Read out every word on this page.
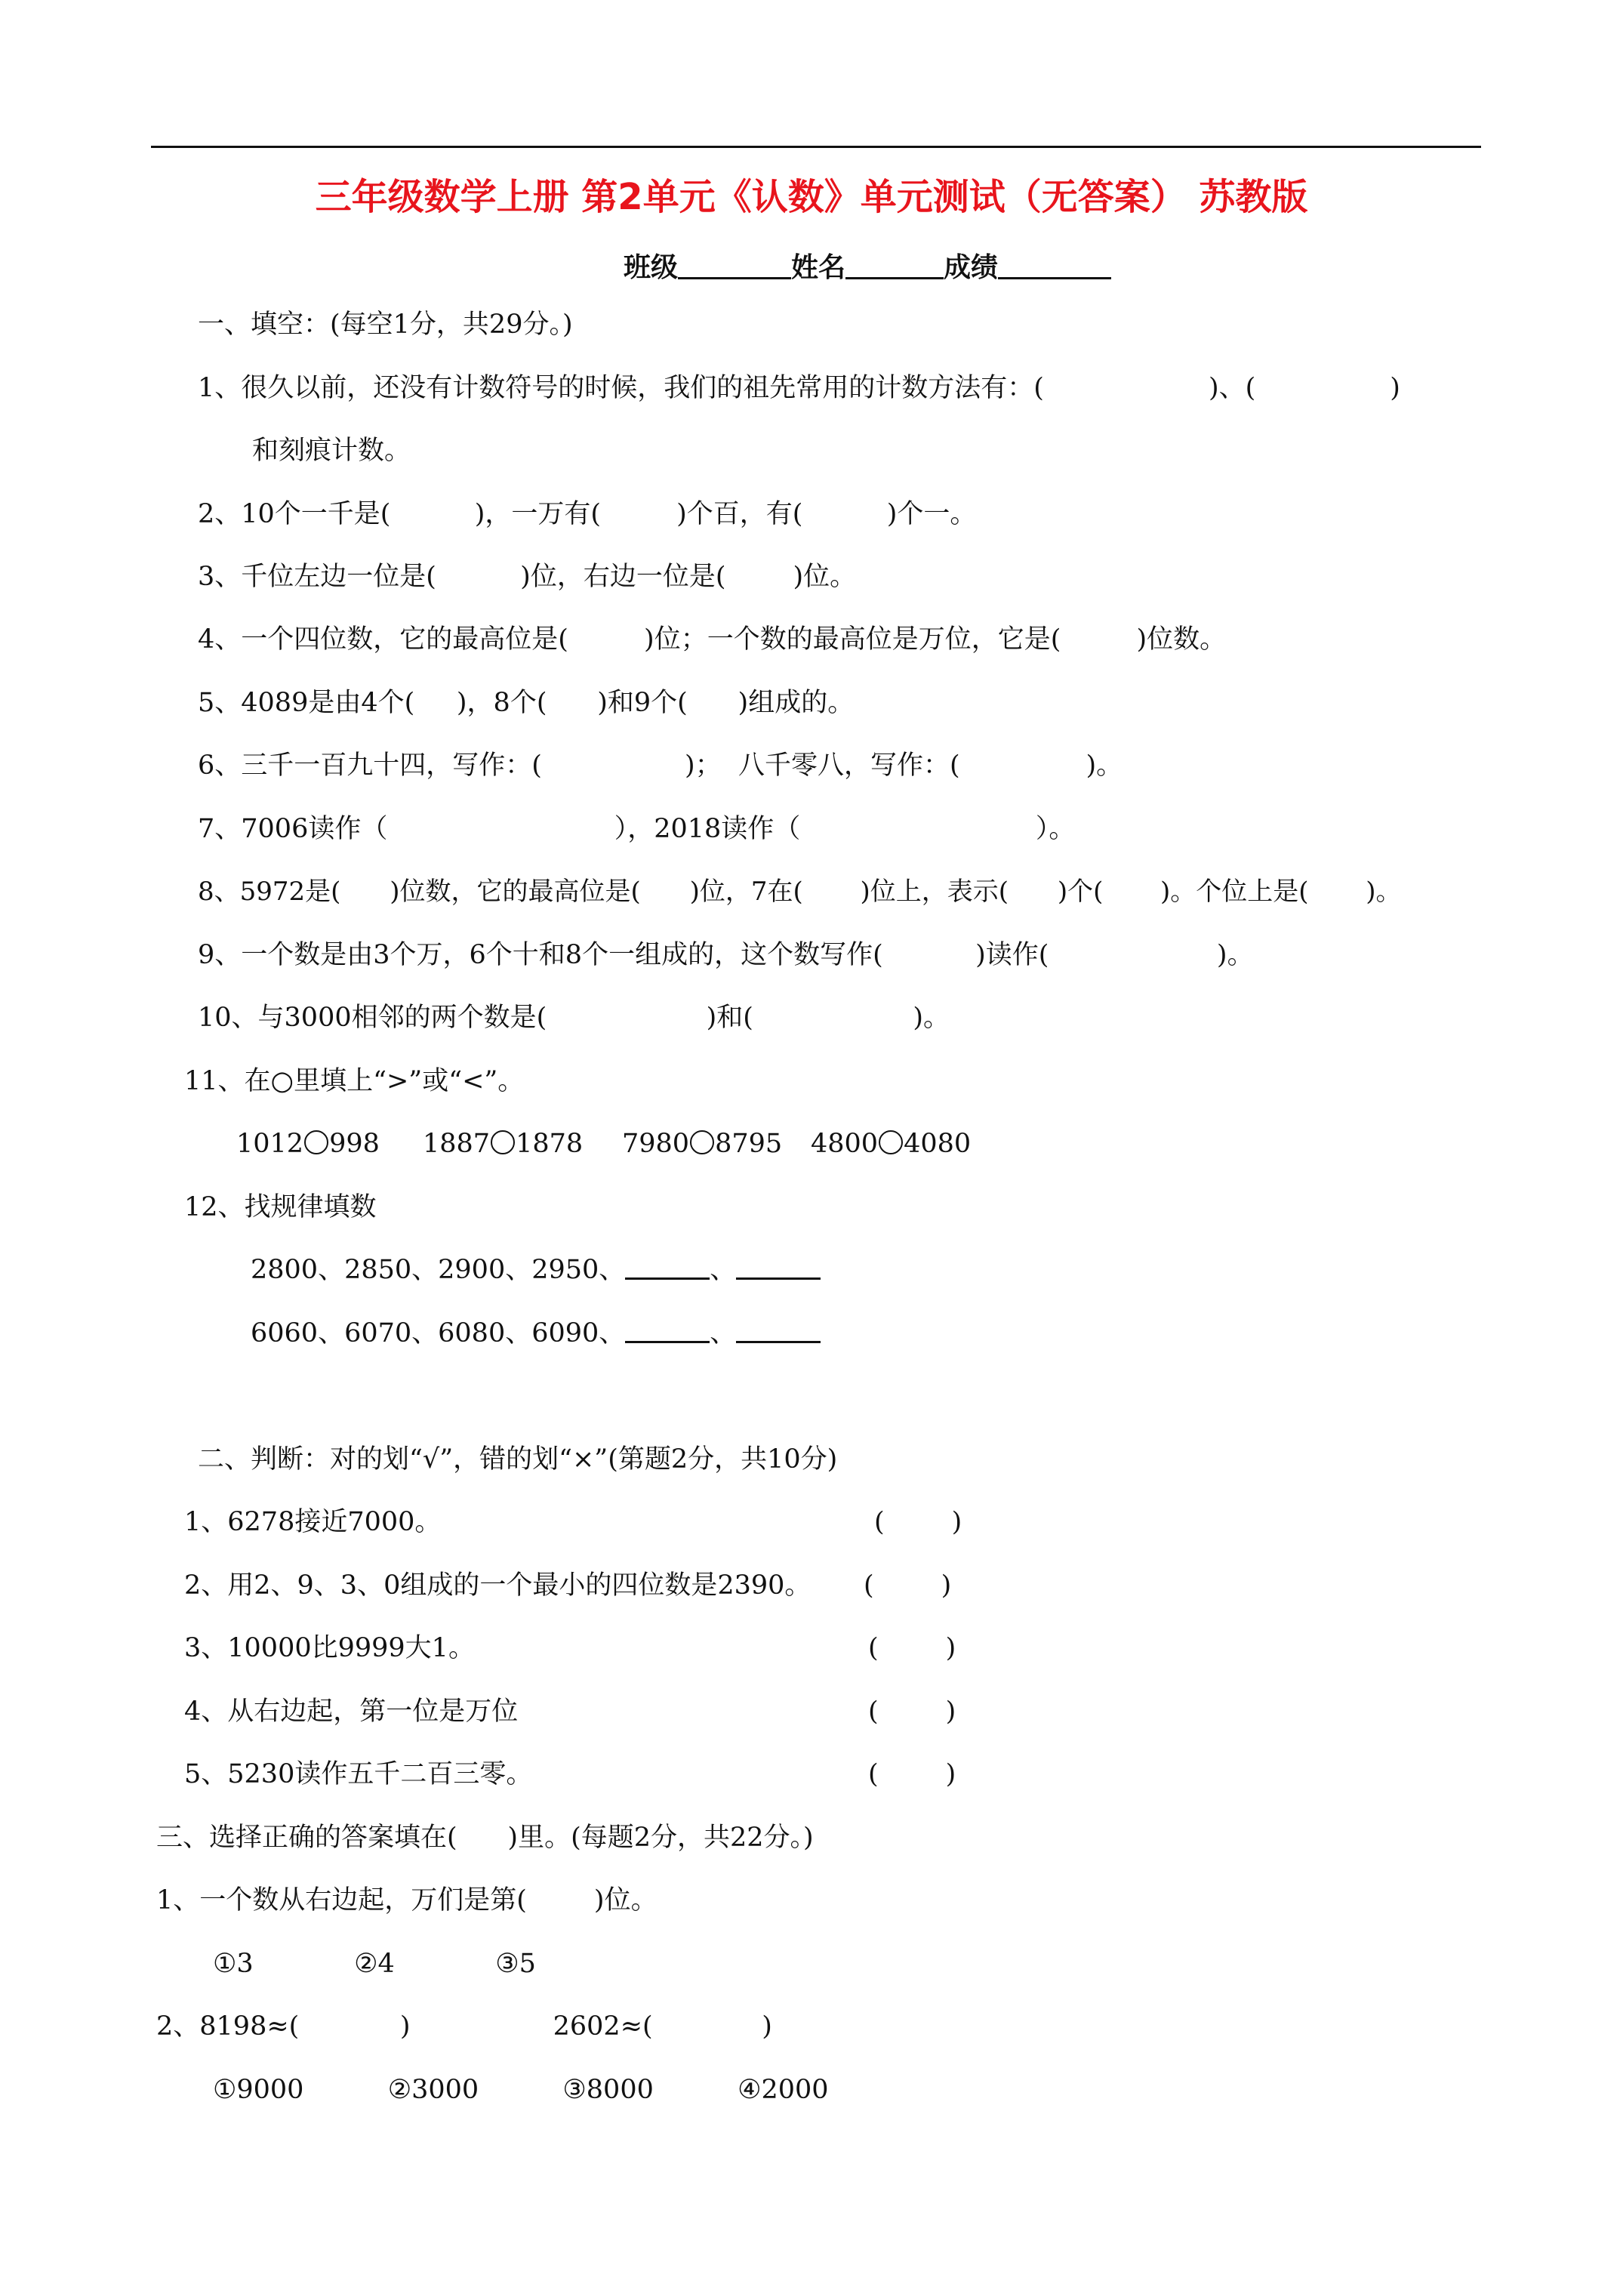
三年级数学上册 第2单元《认数》单元测试（无答案） 苏教版
班级	姓名	成绩
一、填空：(每空1分，共29分。)
1、很久以前，还没有计数符号的时候，我们的祖先常用的计数方法有：(	)、(	)
和刻痕计数。
2、10个一千是(          )，一万有(         )个百，有(          )个一。
3、千位左边一位是(          )位，右边一位是(        )位。
4、一个四位数，它的最高位是(         )位；一个数的最高位是万位，它是(         )位数。
5、4089是由4个(     )，8个(      )和9个(      )组成的。
6、三千一百九十四，写作：(                 )；  八千零八，写作：(               )。
7、7006读作（                           ），2018读作（                            ）。
8、5972是(      )位数，它的最高位是(      )位，7在(       )位上，表示(      )个(       )。个位上是(       )。
9、一个数是由3个万，6个十和8个一组成的，这个数写作(           )读作(                    )。
10、与3000相邻的两个数是(                   )和(                   )。
11、在○里填上“>”或“<”。
1012 998 1887 1878 7980 8795 4800 4080
12、找规律填数
2800、2850、2900、2950、	、
6060、6070、6080、6090、	、
二、判断：对的划“√”，错的划“×”(第题2分，共10分)
1、6278接近7000。	(        )
2、用2、9、3、0组成的一个最小的四位数是2390。 (        )
3、10000比9999大1。	(        )
4、从右边起，第一位是万位	(        )
5、5230读作五千二百三零。	(        )
三、选择正确的答案填在(      )里。(每题2分，共22分。)
1、一个数从右边起，万们是第(        )位。
①3            ②4            ③5
2、8198≈(            )                 2602≈(             )
①9000          ②3000          ③8000          ④2000
